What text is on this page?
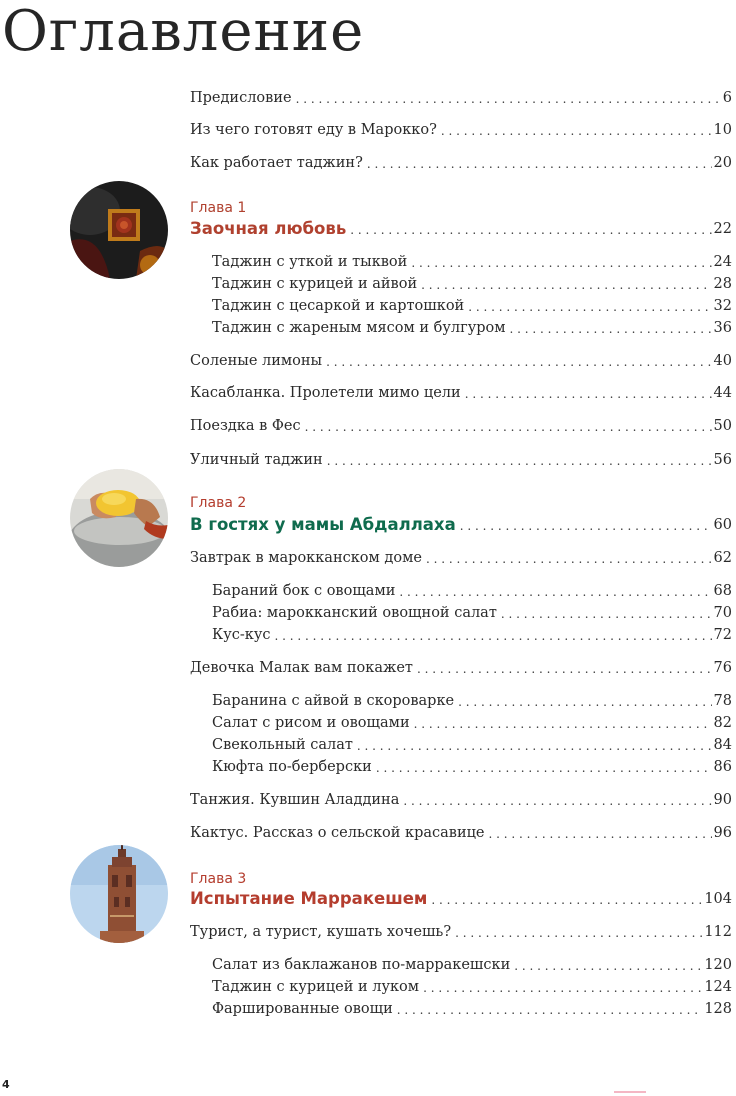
Оглавление
Предисловие . . .	6
Из чего готовят еду в Марокко? . . .	10
Как работает таджин? . . .	20
Глава 1
Заочная любовь . . .	22
Таджин с уткой и тыквой . . .	24
Таджин с курицей и айвой . . .	28
Таджин с цесаркой и картошкой . . .	32
Таджин с жареным мясом и булгуром . . .	36
Соленые лимоны . . .	40
Касабланка. Пролетели мимо цели . . .	44
Поездка в Фес . . .	50
Уличный таджин . . .	56
Глава 2
В гостях у мамы Абдаллаха . . .	60
Завтрак в марокканском доме . . .	62
Бараний бок с овощами . . .	68
Рабиа: марокканский овощной салат . . .	70
Кус-кус . . .	72
Девочка Малак вам покажет . . .	76
Баранина с айвой в скороварке . . .	78
Салат с рисом и овощами . . .	82
Свекольный салат . . .	84
Кюфта по-берберски . . .	86
Танжия. Кувшин Аладдина . . .	90
Кактус. Рассказ о сельской красавице . . .	96
Глава 3
Испытание Марракешем . . .	104
Турист, а турист, кушать хочешь? . . .	112
Салат из баклажанов по-марракешски . . .	120
Таджин с курицей и луком . . .	124
Фаршированные овощи . . .	128
4
